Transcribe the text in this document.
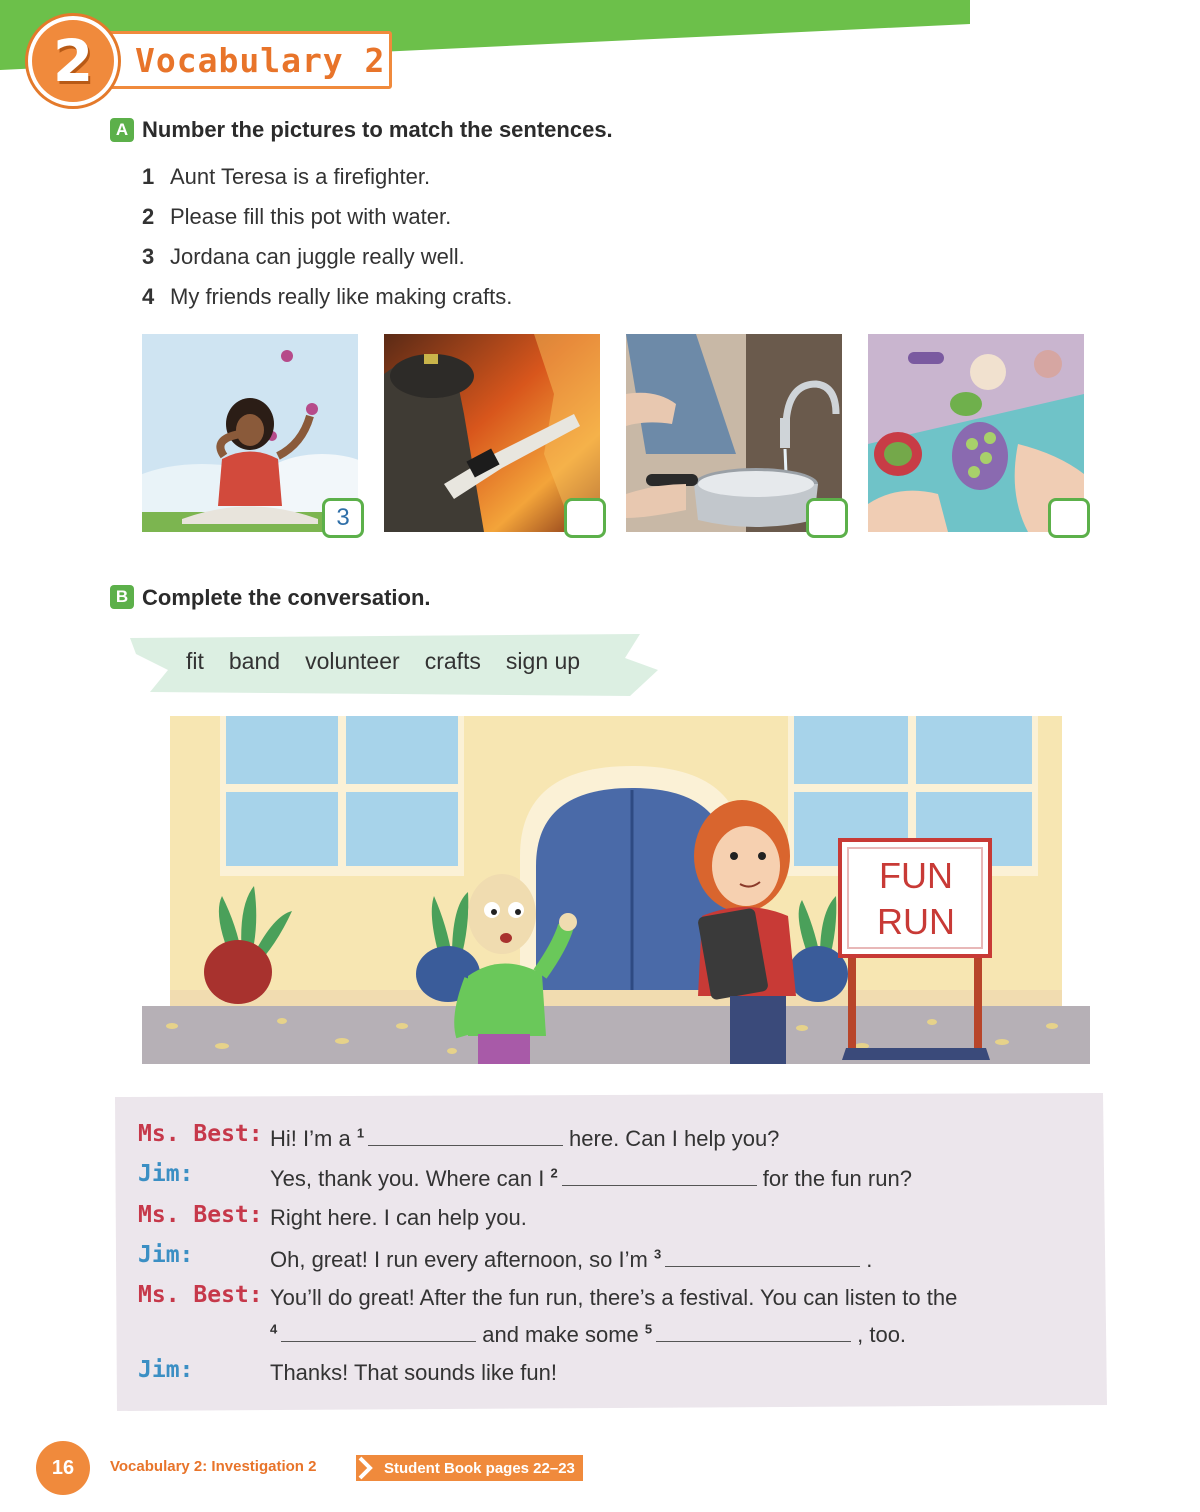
2	Vocabulary 2
A Number the pictures to match the sentences.
1 Aunt Teresa is a firefighter.
2 Please fill this pot with water.
3 Jordana can juggle really well.
4 My friends really like making crafts.
3
B Complete the conversation.
fit band volunteer crafts sign up
FUN
RUN
Ms. Best: Hi! I’m a $^1$	here. Can I help you?
Jim:	Yes, thank you. Where can I $^2$	for the fun run?
Ms. Best: Right here. I can help you.
Jim:	Oh, great! I run every afternoon, so I’m $^3$	.
Ms. Best: You’ll do great! After the fun run, there’s a festival. You can listen to the
$^4$	and make some $^5$	, too.
Jim:	Thanks! That sounds like fun!
16	Vocabulary 2: Investigation 2	Student Book pages 22–23
